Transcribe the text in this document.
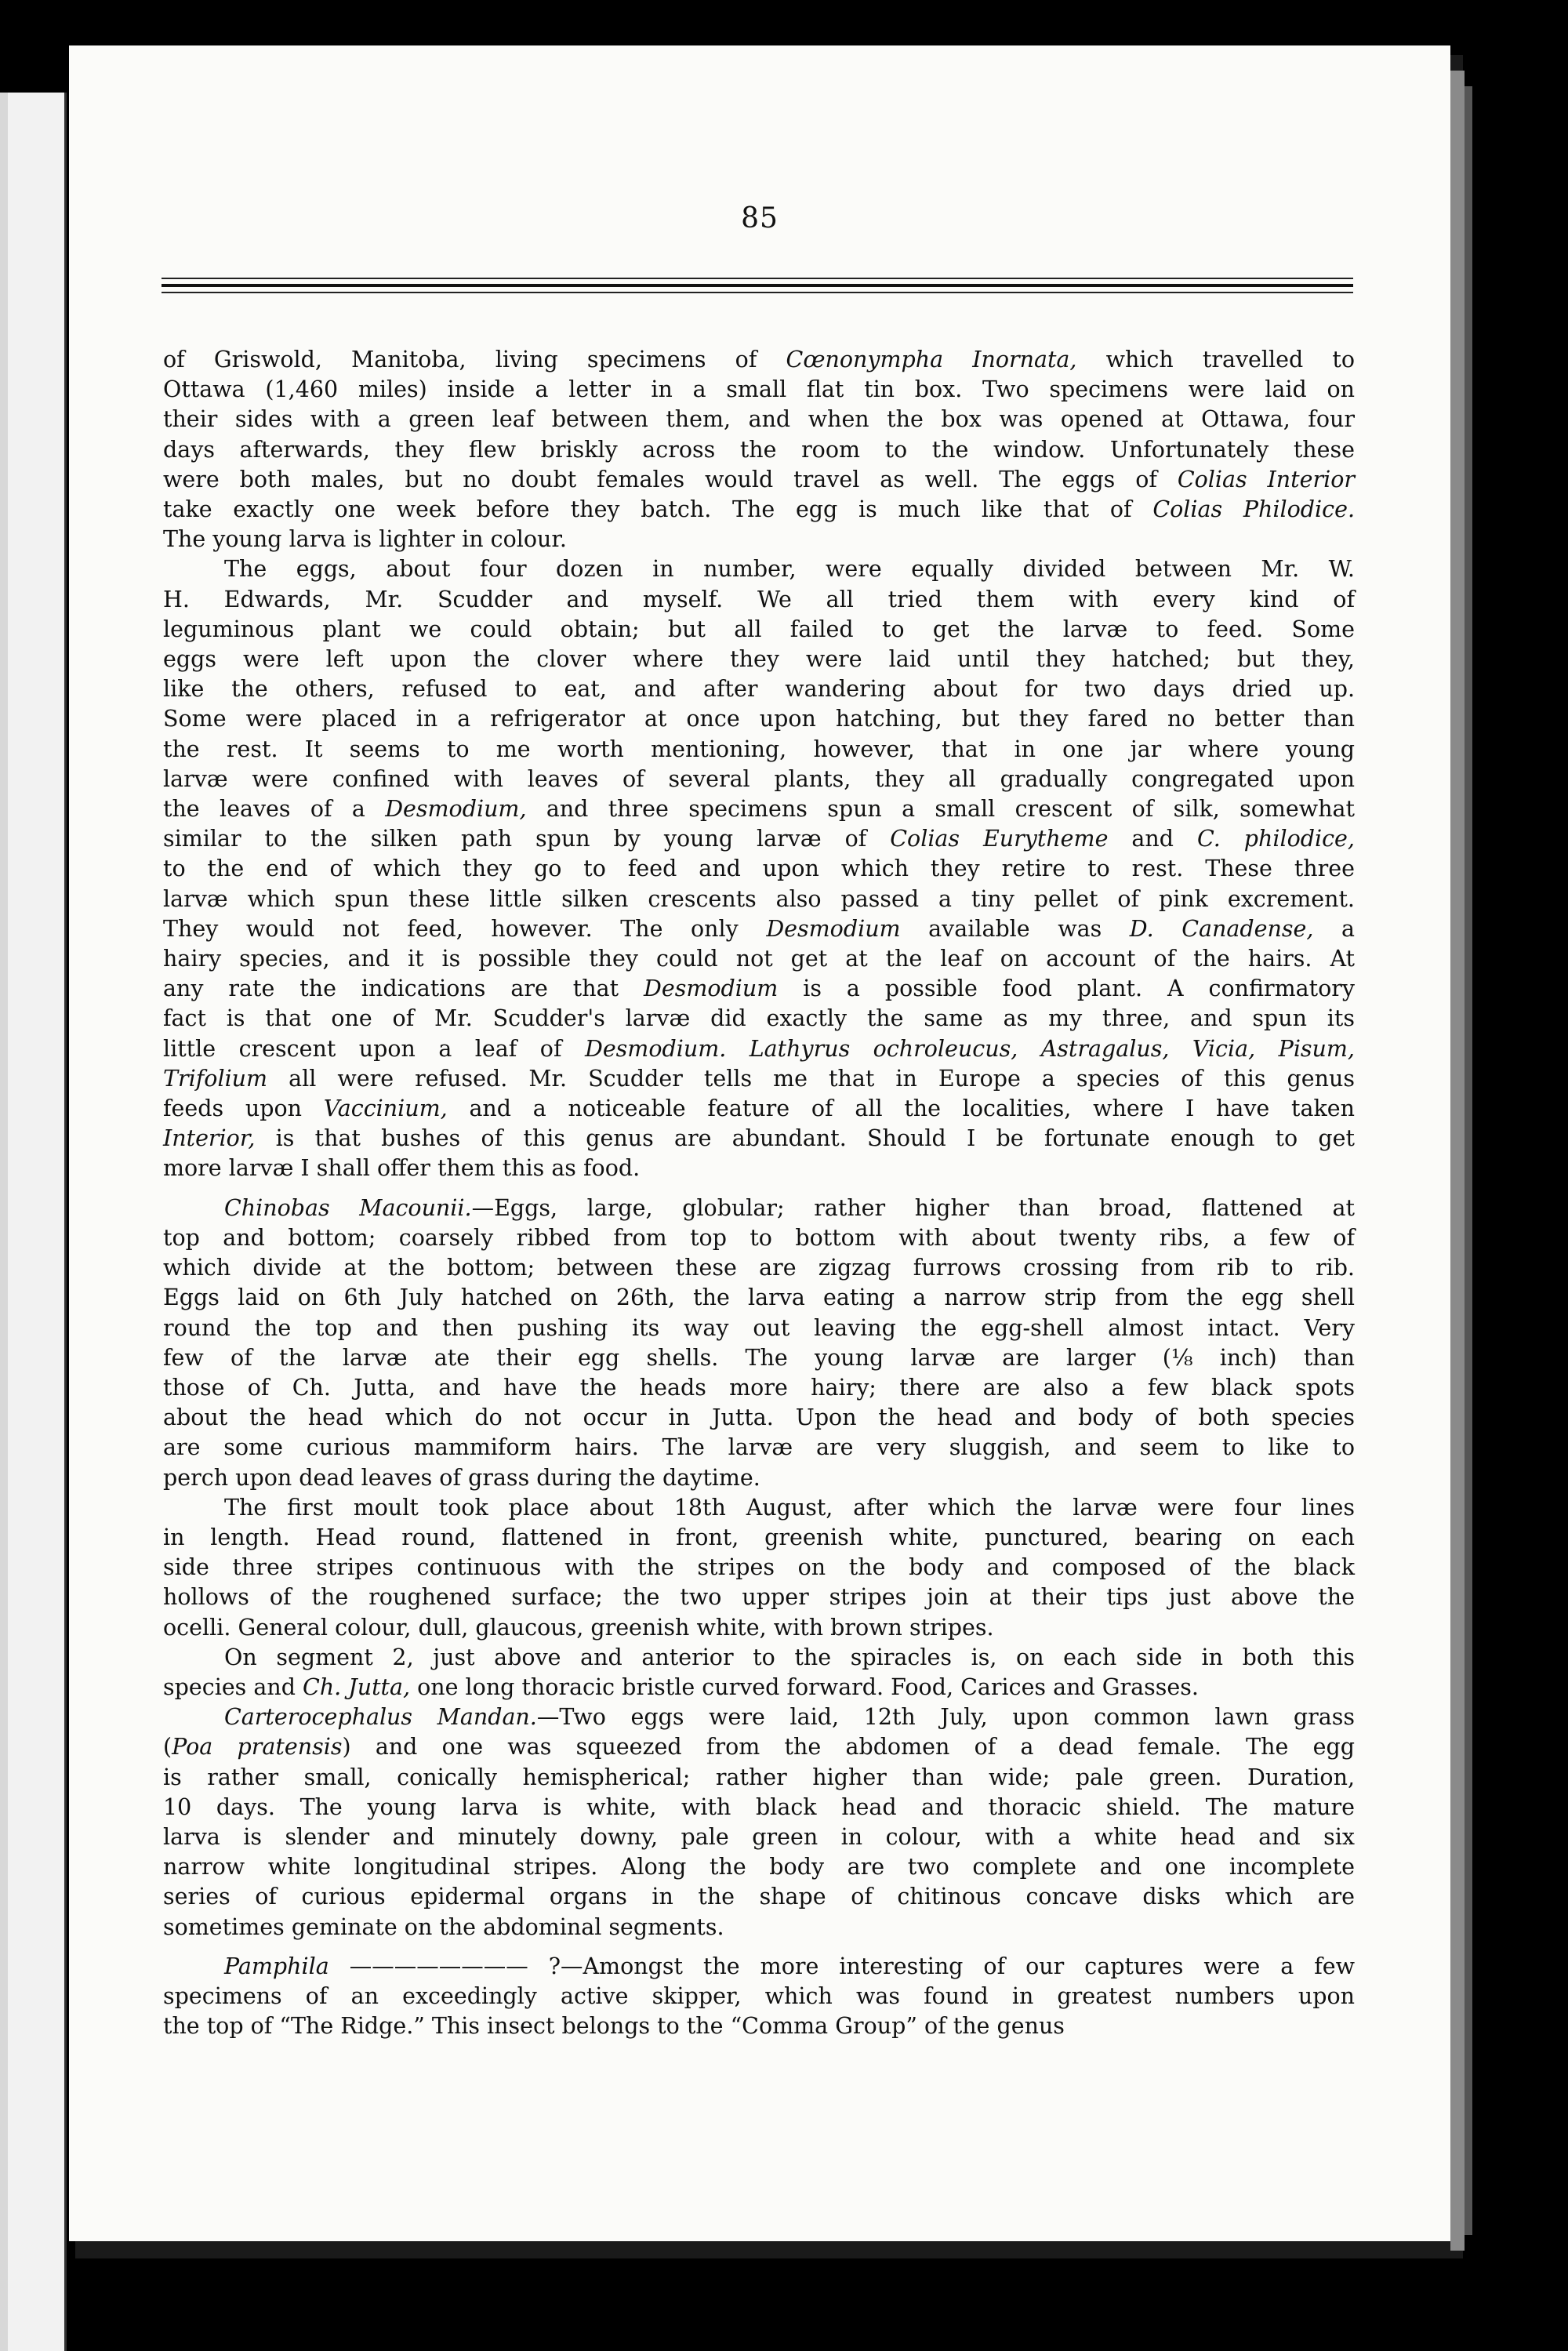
85

of Griswold, Manitoba, living specimens of Cœnonympha Inornata, which travelled to
Ottawa (1,460 miles) inside a letter in a small flat tin box. Two specimens were laid on
their sides with a green leaf between them, and when the box was opened at Ottawa, four
days afterwards, they flew briskly across the room to the window. Unfortunately these
were both males, but no doubt females would travel as well. The eggs of Colias Interior
take exactly one week before they batch. The egg is much like that of Colias Philodice.
The young larva is lighter in colour.

The eggs, about four dozen in number, were equally divided between Mr. W.
H. Edwards, Mr. Scudder and myself. We all tried them with every kind of
leguminous plant we could obtain; but all failed to get the larvæ to feed. Some
eggs were left upon the clover where they were laid until they hatched; but they,
like the others, refused to eat, and after wandering about for two days dried up.
Some were placed in a refrigerator at once upon hatching, but they fared no better than
the rest. It seems to me worth mentioning, however, that in one jar where young
larvæ were confined with leaves of several plants, they all gradually congregated upon
the leaves of a Desmodium, and three specimens spun a small crescent of silk, somewhat
similar to the silken path spun by young larvæ of Colias Eurytheme and C. philodice,
to the end of which they go to feed and upon which they retire to rest. These three
larvæ which spun these little silken crescents also passed a tiny pellet of pink excrement.
They would not feed, however. The only Desmodium available was D. Canadense, a
hairy species, and it is possible they could not get at the leaf on account of the hairs. At
any rate the indications are that Desmodium is a possible food plant. A confirmatory
fact is that one of Mr. Scudder's larvæ did exactly the same as my three, and spun its
little crescent upon a leaf of Desmodium. Lathyrus ochroleucus, Astragalus, Vicia, Pisum,
Trifolium all were refused. Mr. Scudder tells me that in Europe a species of this genus
feeds upon Vaccinium, and a noticeable feature of all the localities, where I have taken
Interior, is that bushes of this genus are abundant. Should I be fortunate enough to get
more larvæ I shall offer them this as food.

Chinobas Macounii.—Eggs, large, globular; rather higher than broad, flattened at
top and bottom; coarsely ribbed from top to bottom with about twenty ribs, a few of
which divide at the bottom; between these are zigzag furrows crossing from rib to rib.
Eggs laid on 6th July hatched on 26th, the larva eating a narrow strip from the egg shell
round the top and then pushing its way out leaving the egg-shell almost intact. Very
few of the larvæ ate their egg shells. The young larvæ are larger (⅛ inch) than
those of Ch. Jutta, and have the heads more hairy; there are also a few black spots
about the head which do not occur in Jutta. Upon the head and body of both species
are some curious mammiform hairs. The larvæ are very sluggish, and seem to like to
perch upon dead leaves of grass during the daytime.

The first moult took place about 18th August, after which the larvæ were four lines
in length. Head round, flattened in front, greenish white, punctured, bearing on each
side three stripes continuous with the stripes on the body and composed of the black
hollows of the roughened surface; the two upper stripes join at their tips just above the
ocelli. General colour, dull, glaucous, greenish white, with brown stripes.

On segment 2, just above and anterior to the spiracles is, on each side in both this
species and Ch. Jutta, one long thoracic bristle curved forward. Food, Carices and Grasses.

Carterocephalus Mandan.—Two eggs were laid, 12th July, upon common lawn grass
(Poa pratensis) and one was squeezed from the abdomen of a dead female. The egg
is rather small, conically hemispherical; rather higher than wide; pale green. Duration,
10 days. The young larva is white, with black head and thoracic shield. The mature
larva is slender and minutely downy, pale green in colour, with a white head and six
narrow white longitudinal stripes. Along the body are two complete and one incomplete
series of curious epidermal organs in the shape of chitinous concave disks which are
sometimes geminate on the abdominal segments.

Pamphila ———————— ?—Amongst the more interesting of our captures were a few
specimens of an exceedingly active skipper, which was found in greatest numbers upon
the top of “The Ridge.” This insect belongs to the “Comma Group” of the genus
